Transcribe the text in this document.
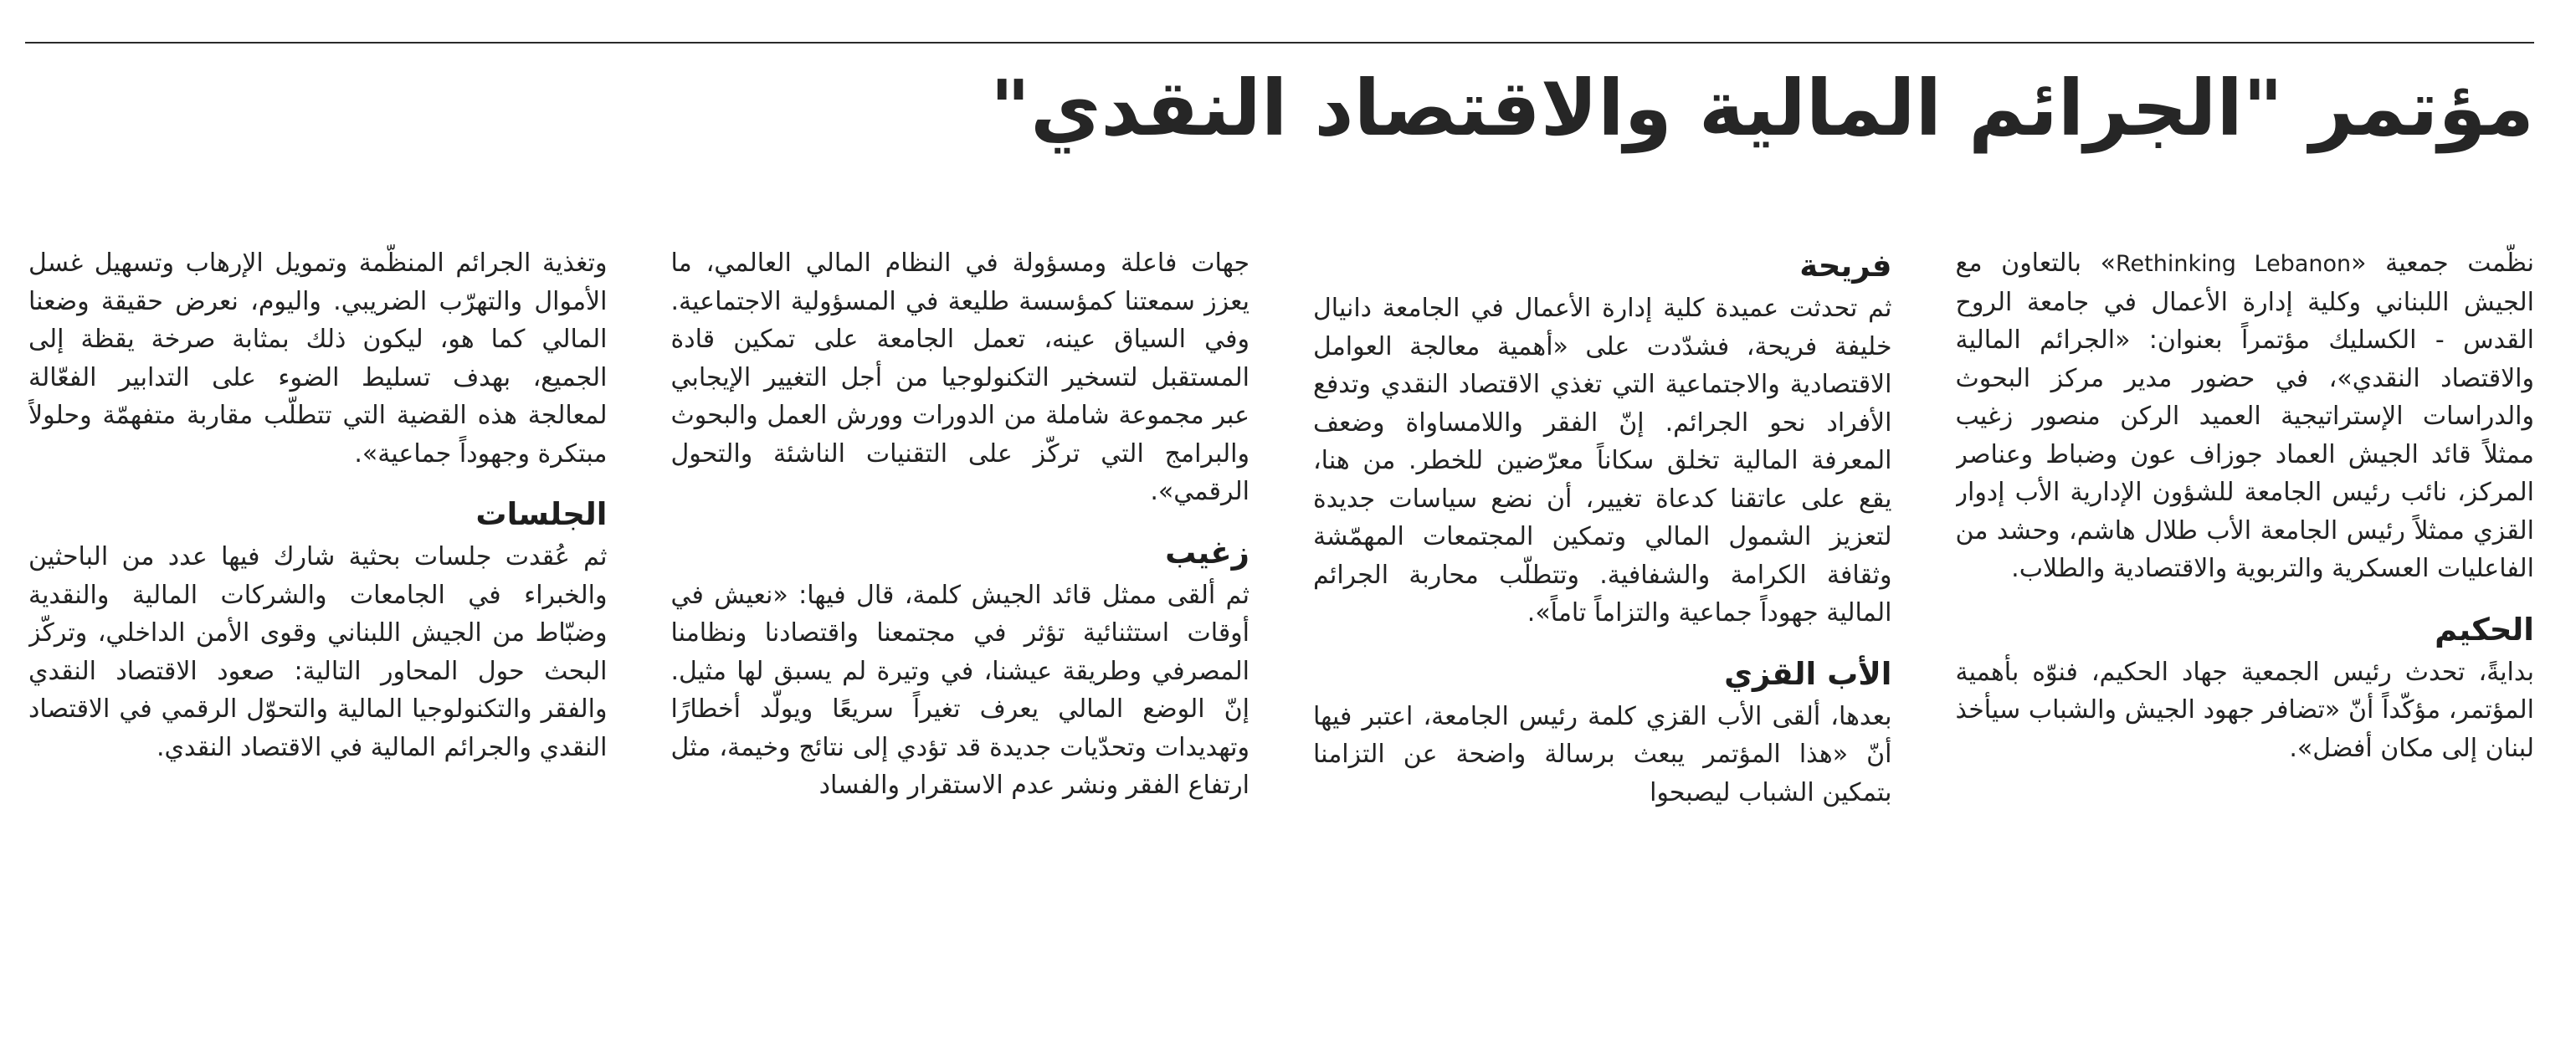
مؤتمر "الجرائم المالية والاقتصاد النقدي"

نظّمت جمعية «Rethinking Lebanon» بالتعاون مع الجيش اللبناني وكلية إدارة الأعمال في جامعة الروح القدس - الكسليك مؤتمراً بعنوان: «الجرائم المالية والاقتصاد النقدي»، في حضور مدير مركز البحوث والدراسات الإستراتيجية العميد الركن منصور زغيب ممثلاً قائد الجيش العماد جوزاف عون وضباط وعناصر المركز، نائب رئيس الجامعة للشؤون الإدارية الأب إدوار القزي ممثلاً رئيس الجامعة الأب طلال هاشم، وحشد من الفاعليات العسكرية والتربوية والاقتصادية والطلاب.

الحكيم

بدايةً، تحدث رئيس الجمعية جهاد الحكيم، فنوّه بأهمية المؤتمر، مؤكّداً أنّ «تضافر جهود الجيش والشباب سيأخذ لبنان إلى مكان أفضل».

فريحة

ثم تحدثت عميدة كلية إدارة الأعمال في الجامعة دانيال خليفة فريحة، فشدّدت على «أهمية معالجة العوامل الاقتصادية والاجتماعية التي تغذي الاقتصاد النقدي وتدفع الأفراد نحو الجرائم. إنّ الفقر واللامساواة وضعف المعرفة المالية تخلق سكاناً معرّضين للخطر. من هنا، يقع على عاتقنا كدعاة تغيير، أن نضع سياسات جديدة لتعزيز الشمول المالي وتمكين المجتمعات المهمّشة وثقافة الكرامة والشفافية. وتتطلّب محاربة الجرائم المالية جهوداً جماعية والتزاماً تاماً».

الأب القزي

بعدها، ألقى الأب القزي كلمة رئيس الجامعة، اعتبر فيها أنّ «هذا المؤتمر يبعث برسالة واضحة عن التزامنا بتمكين الشباب ليصبحوا

جهات فاعلة ومسؤولة في النظام المالي العالمي، ما يعزز سمعتنا كمؤسسة طليعة في المسؤولية الاجتماعية. وفي السياق عينه، تعمل الجامعة على تمكين قادة المستقبل لتسخير التكنولوجيا من أجل التغيير الإيجابي عبر مجموعة شاملة من الدورات وورش العمل والبحوث والبرامج التي تركّز على التقنيات الناشئة والتحول الرقمي».

زغيب

ثم ألقى ممثل قائد الجيش كلمة، قال فيها: «نعيش في أوقات استثنائية تؤثر في مجتمعنا واقتصادنا ونظامنا المصرفي وطريقة عيشنا، في وتيرة لم يسبق لها مثيل. إنّ الوضع المالي يعرف تغيراً سريعًا ويولّد أخطارًا وتهديدات وتحدّيات جديدة قد تؤدي إلى نتائج وخيمة، مثل ارتفاع الفقر ونشر عدم الاستقرار والفساد

وتغذية الجرائم المنظّمة وتمويل الإرهاب وتسهيل غسل الأموال والتهرّب الضريبي. واليوم، نعرض حقيقة وضعنا المالي كما هو، ليكون ذلك بمثابة صرخة يقظة إلى الجميع، بهدف تسليط الضوء على التدابير الفعّالة لمعالجة هذه القضية التي تتطلّب مقاربة متفهمّة وحلولاً مبتكرة وجهوداً جماعية».

الجلسات

ثم عُقدت جلسات بحثية شارك فيها عدد من الباحثين والخبراء في الجامعات والشركات المالية والنقدية وضبّاط من الجيش اللبناني وقوى الأمن الداخلي، وتركّز البحث حول المحاور التالية: صعود الاقتصاد النقدي والفقر والتكنولوجيا المالية والتحوّل الرقمي في الاقتصاد النقدي والجرائم المالية في الاقتصاد النقدي.
